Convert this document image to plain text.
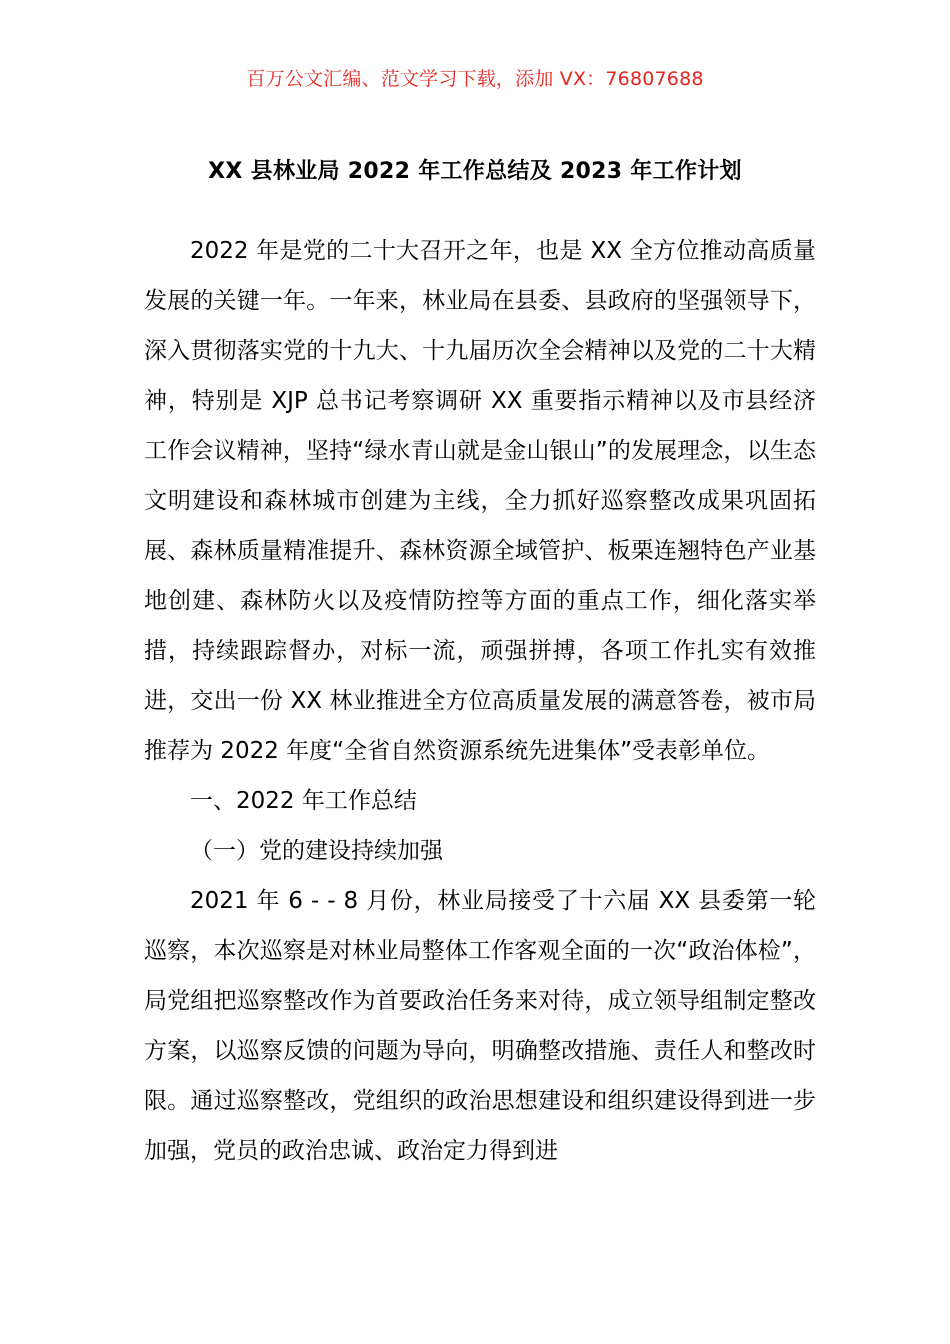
百万公文汇编、范文学习下载，添加 VX：76807688
XX 县林业局 2022 年工作总结及 2023 年工作计划

2022 年是党的二十大召开之年，也是 XX 全方位推动高质量发展的关键一年。一年来，林业局在县委、县政府的坚强领导下，深入贯彻落实党的十九大、十九届历次全会精神以及党的二十大精神，特别是 XJP 总书记考察调研 XX 重要指示精神以及市县经济工作会议精神，坚持“绿水青山就是金山银山”的发展理念，以生态文明建设和森林城市创建为主线，全力抓好巡察整改成果巩固拓展、森林质量精准提升、森林资源全域管护、板栗连翘特色产业基地创建、森林防火以及疫情防控等方面的重点工作，细化落实举措，持续跟踪督办，对标一流，顽强拼搏，各项工作扎实有效推进，交出一份 XX 林业推进全方位高质量发展的满意答卷，被市局推荐为 2022 年度“全省自然资源系统先进集体”受表彰单位。

一、2022 年工作总结

（一）党的建设持续加强

2021 年 6 - - 8 月份，林业局接受了十六届 XX 县委第一轮巡察，本次巡察是对林业局整体工作客观全面的一次“政治体检”，局党组把巡察整改作为首要政治任务来对待，成立领导组制定整改方案，以巡察反馈的问题为导向，明确整改措施、责任人和整改时限。通过巡察整改，党组织的政治思想建设和组织建设得到进一步加强，党员的政治忠诚、政治定力得到进
